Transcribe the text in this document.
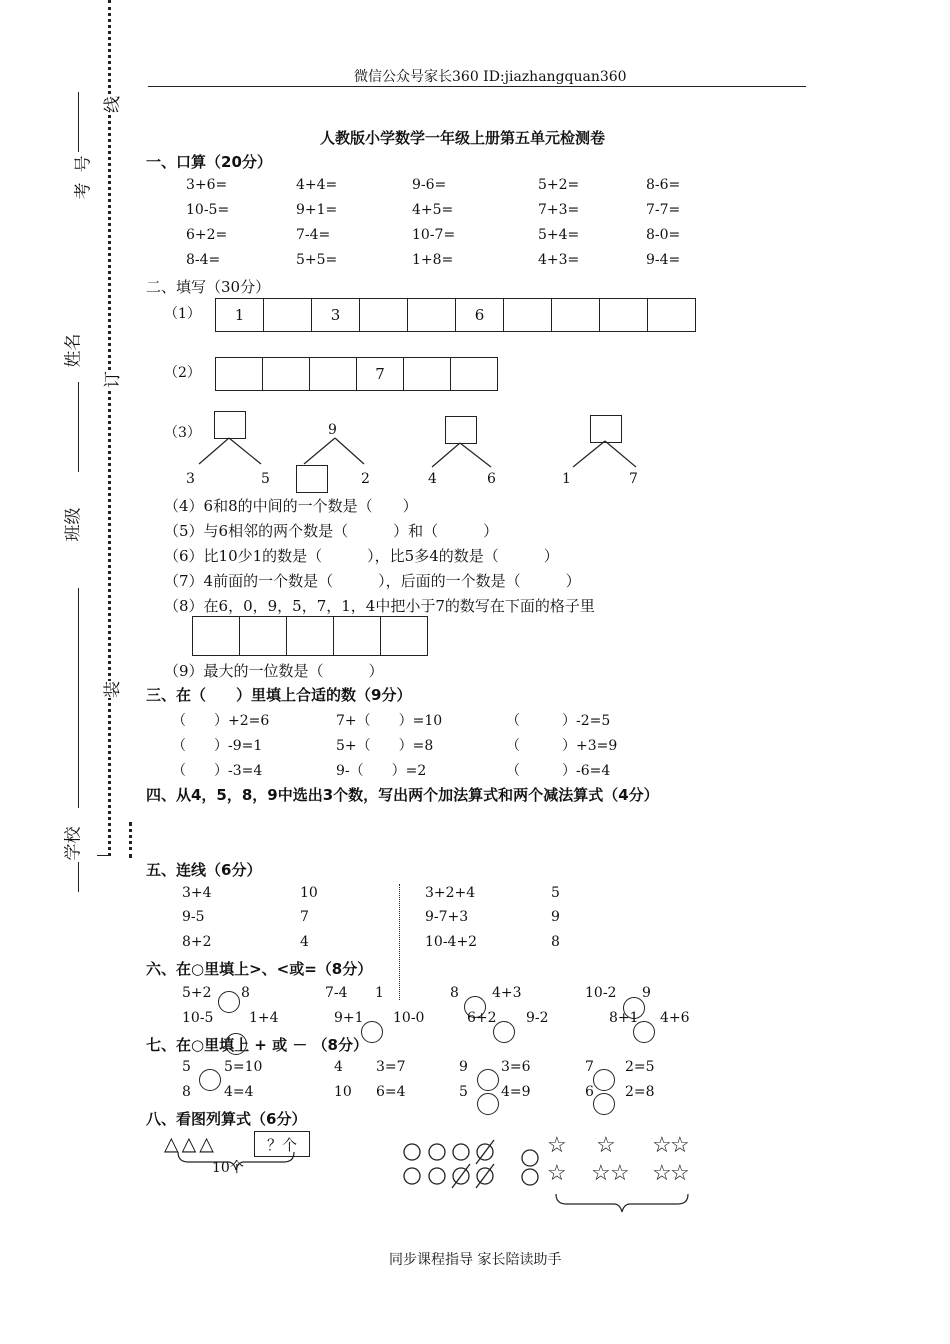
微信公众号家长360 ID:jiazhangquan360
线
订
装
考号
姓名
班级
学校
人教版小学数学一年级上册第五单元检测卷
一、口算（20分）
3+6=	4+4=	9-6=	5+2=	8-6=
10-5=	9+1=	4+5=	7+3=	7-7=
6+2=	7-4=	10-7=	5+4=	8-0=
8-4=	5+5=	1+8=	4+3=	9-4=
二、填写（30分）
（1）	1	3	6
（2）	7
（3）
3	5
9
2	4	6	1	7
（4）6和8的中间的一个数是（　　）
（5）与6相邻的两个数是（　　　）和（　　　）
（6）比10少1的数是（　　　），比5多4的数是（　　　）
（7）4前面的一个数是（　　　），后面的一个数是（　　　）
（8）在6，0，9，5，7，1，4中把小于7的数写在下面的格子里
（9）最大的一位数是（　　　）
三、在（　　）里填上合适的数（9分）
（　　）+2=6	7+（　　）=10	（　　　）-2=5
（　　）-9=1	5+（　　）=8	（　　　）+3=9
（　　）-3=4	9-（　　）=2	（　　　）-6=4
四、从4，5，8，9中选出3个数，写出两个加法算式和两个减法算式（4分）
五、连线（6分）
3+4	10
9-5	7
8+2	4
3+2+4	5
9-7+3	9
10-4+2	8
六、在○里填上>、<或=（8分）
5+2 8	7-4 1	8 4+3	10-2 9
10-5	1+4	9+1 10-0	6+2 9-2	8+1 4+6
七、在○里填上 + 或 － （8分）
5 5=10	4 3=7	9 3=6	7 2=5
8 4=4	10 6=4	5 4=9	6 2=8
八、看图列算式（6分）
△△△	？个
10个
☆ ☆ ☆
☆
☆ ☆ ☆ ☆
☆
同步课程指导 家长陪读助手
